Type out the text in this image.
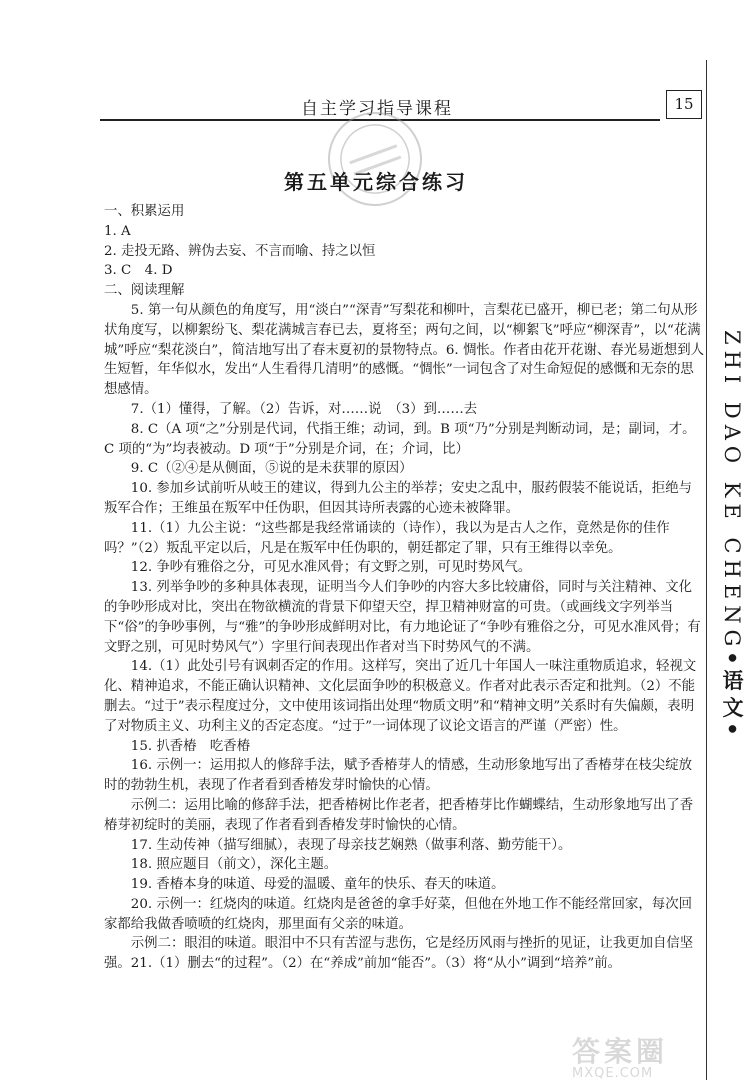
自主学习指导课程	15
第五单元综合练习

一、积累运用

1. A

2. 走投无路、辨伪去妄、不言而喻、持之以恒

3. C　4. D

二、阅读理解

5. 第一句从颜色的角度写，用“淡白”“深青”写梨花和柳叶，言梨花已盛开，柳已老；第二句从形状角度写，以柳絮纷飞、梨花满城言春已去，夏将至；两句之间，以“柳絮飞”呼应“柳深青”，以“花满城”呼应“梨花淡白”，简洁地写出了春末夏初的景物特点。6. 惆怅。作者由花开花谢、春光易逝想到人生短暂，年华似水，发出“人生看得几清明”的感慨。“惆怅”一词包含了对生命短促的感慨和无奈的思想感情。

7.（1）懂得，了解。（2）告诉，对……说　（3）到……去

8. C（A 项“之”分别是代词，代指王维；动词，到。B 项“乃”分别是判断动词，是；副词，才。C 项的“为”均表被动。D 项“于”分别是介词，在；介词，比）

9. C（②④是从侧面，⑤说的是未获罪的原因）

10. 参加乡试前听从岐王的建议，得到九公主的举荐；安史之乱中，服药假装不能说话，拒绝与叛军合作；王维虽在叛军中任伪职，但因其诗所表露的心迹未被降罪。

11.（1）九公主说：“这些都是我经常诵读的（诗作），我以为是古人之作，竟然是你的佳作吗？”（2）叛乱平定以后，凡是在叛军中任伪职的，朝廷都定了罪，只有王维得以幸免。

12. 争吵有雅俗之分，可见水准风骨；有文野之别，可见时势风气。

13. 列举争吵的多种具体表现，证明当今人们争吵的内容大多比较庸俗，同时与关注精神、文化的争吵形成对比，突出在物欲横流的背景下仰望天空，捍卫精神财富的可贵。（或画线文字列举当下“俗”的争吵事例，与“雅”的争吵形成鲜明对比，有力地论证了“争吵有雅俗之分，可见水准风骨；有文野之别，可见时势风气”）字里行间表现出作者对当下时势风气的不满。

14.（1）此处引号有讽刺否定的作用。这样写，突出了近几十年国人一味注重物质追求，轻视文化、精神追求，不能正确认识精神、文化层面争吵的积极意义。作者对此表示否定和批判。（2）不能删去。“过于”表示程度过分，文中使用该词指出处理“物质文明”和“精神文明”关系时有失偏颇，表明了对物质主义、功利主义的否定态度。“过于”一词体现了议论文语言的严谨（严密）性。

15. 扒香椿　吃香椿

16. 示例一：运用拟人的修辞手法，赋予香椿芽人的情感，生动形象地写出了香椿芽在枝尖绽放时的勃勃生机，表现了作者看到香椿发芽时愉快的心情。

示例二：运用比喻的修辞手法，把香椿树比作老者，把香椿芽比作蝴蝶结，生动形象地写出了香椿芽初绽时的美丽，表现了作者看到香椿发芽时愉快的心情。

17. 生动传神（描写细腻），表现了母亲技艺娴熟（做事利落、勤劳能干）。

18. 照应题目（前文），深化主题。

19. 香椿本身的味道、母爱的温暖、童年的快乐、春天的味道。

20. 示例一：红烧肉的味道。红烧肉是爸爸的拿手好菜，但他在外地工作不能经常回家，每次回家都给我做香喷喷的红烧肉，那里面有父亲的味道。

示例二：眼泪的味道。眼泪中不只有苦涩与悲伤，它是经历风雨与挫折的见证，让我更加自信坚强。21.（1）删去“的过程”。（2）在“养成”前加“能否”。（3）将“从小”调到“培养”前。

ZHI DAO KE CHENG●语文●
答案圈
MXQE.COM
